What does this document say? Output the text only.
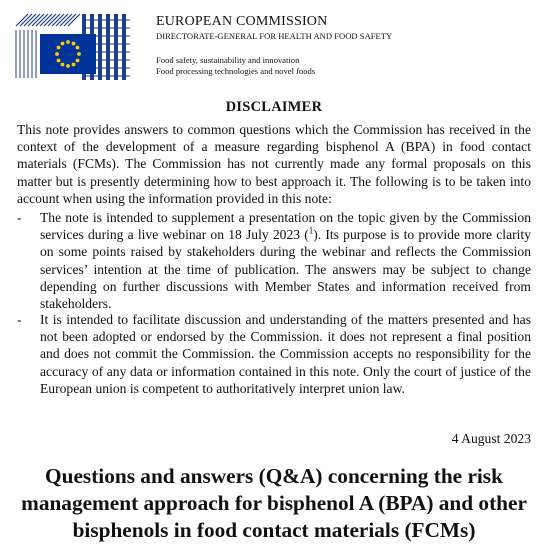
EUROPEAN COMMISSION
DIRECTORATE-GENERAL FOR HEALTH AND FOOD SAFETY
Food safety, sustainability and innovation
Food processing technologies and novel foods
DISCLAIMER
This note provides answers to common questions which the Commission has received in the context of the development of a measure regarding bisphenol A (BPA) in food contact materials (FCMs). The Commission has not currently made any formal proposals on this matter but is presently determining how to best approach it. The following is to be taken into account when using the information provided in this note:
- The note is intended to supplement a presentation on the topic given by the Commission services during a live webinar on 18 July 2023 ($^1$). Its purpose is to provide more clarity on some points raised by stakeholders during the webinar and reflects the Commission services’ intention at the time of publication. The answers may be subject to change depending on further discussions with Member States and information received from stakeholders.
- It is intended to facilitate discussion and understanding of the matters presented and has not been adopted or endorsed by the Commission. it does not represent a final position and does not commit the Commission. the Commission accepts no responsibility for the accuracy of any data or information contained in this note. Only the court of justice of the European union is competent to authoritatively interpret union law.
4 August 2023
Questions and answers (Q&A) concerning the risk management approach for bisphenol A (BPA) and other bisphenols in food contact materials (FCMs)
